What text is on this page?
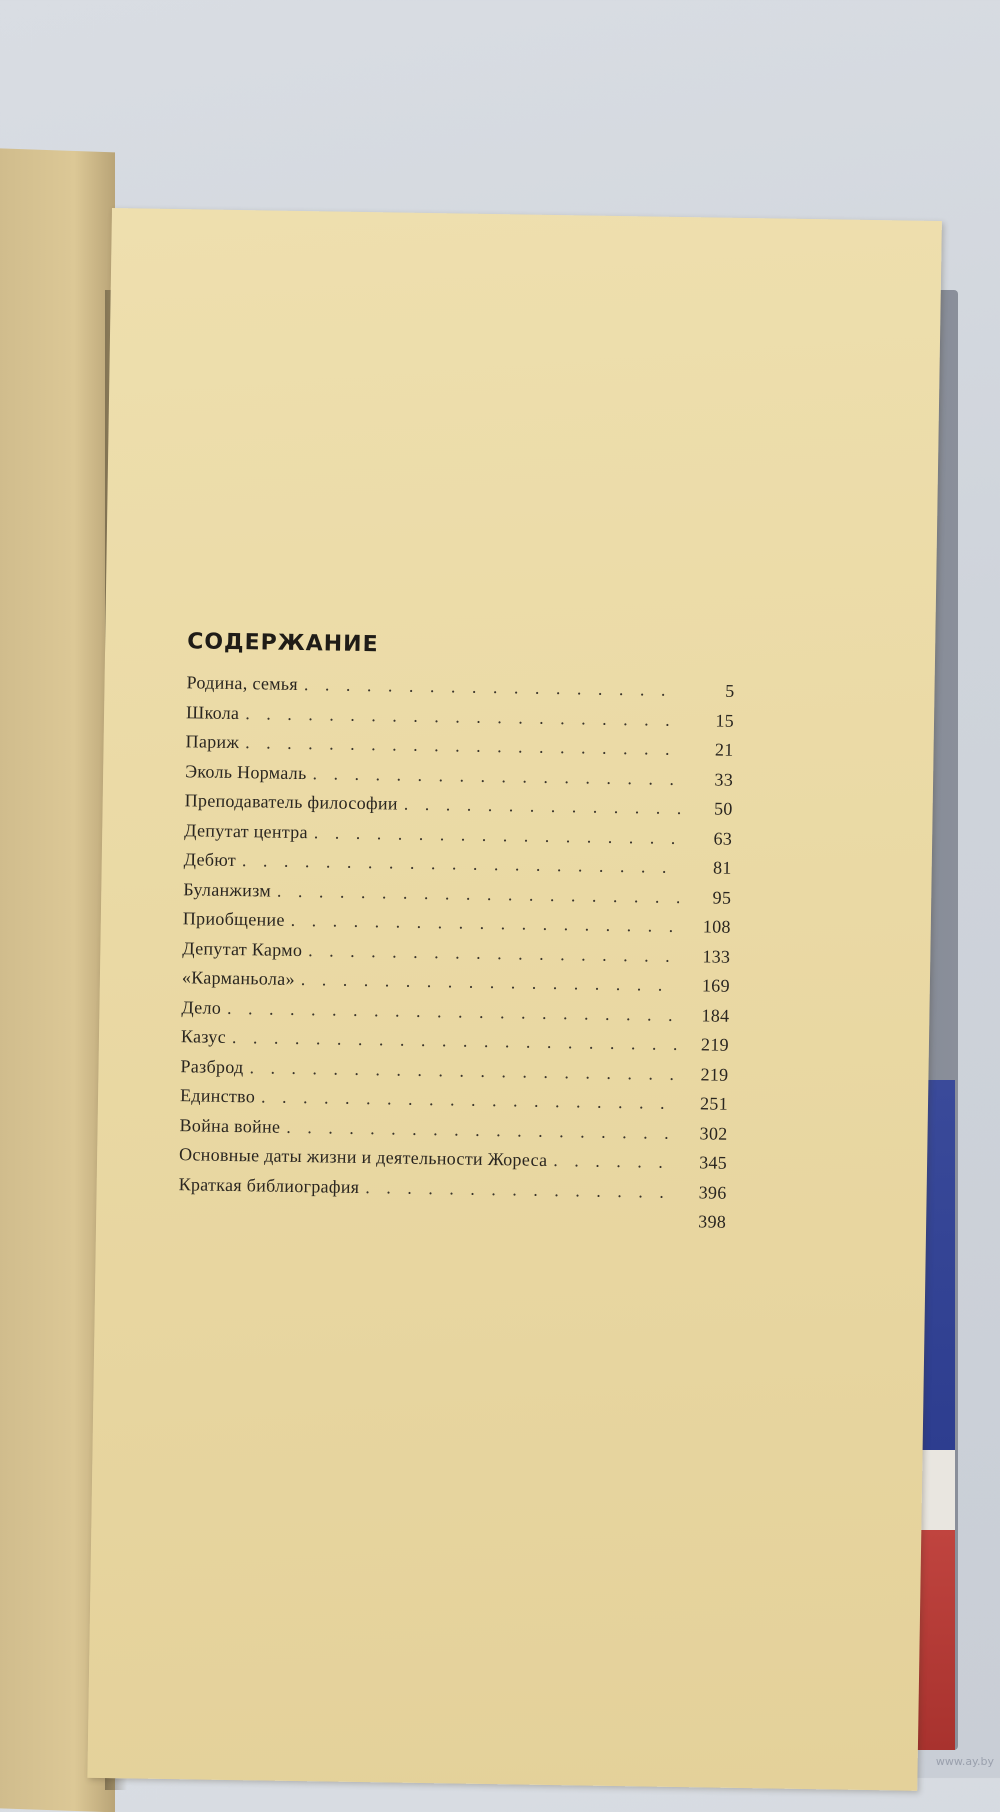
СОДЕРЖАНИЕ
Родина, семья . . .	5
Школа . . .	15
Париж . . .	21
Эколь Нормаль . . .	33
Преподаватель философии . . .	50
Депутат центра . . .	63
Дебют . . .	81
Буланжизм . . .	95
Приобщение . . .	108
Депутат Кармо . . .	133
«Карманьола» . . .	169
Дело . . .	184
Казус . . .	219
Разброд . . .	219
Единство . . .	251
Война войне . . .	302
Основные даты жизни и деятельности Жореса . . .	345
Краткая библиография . . .	396
398
www.ay.by
